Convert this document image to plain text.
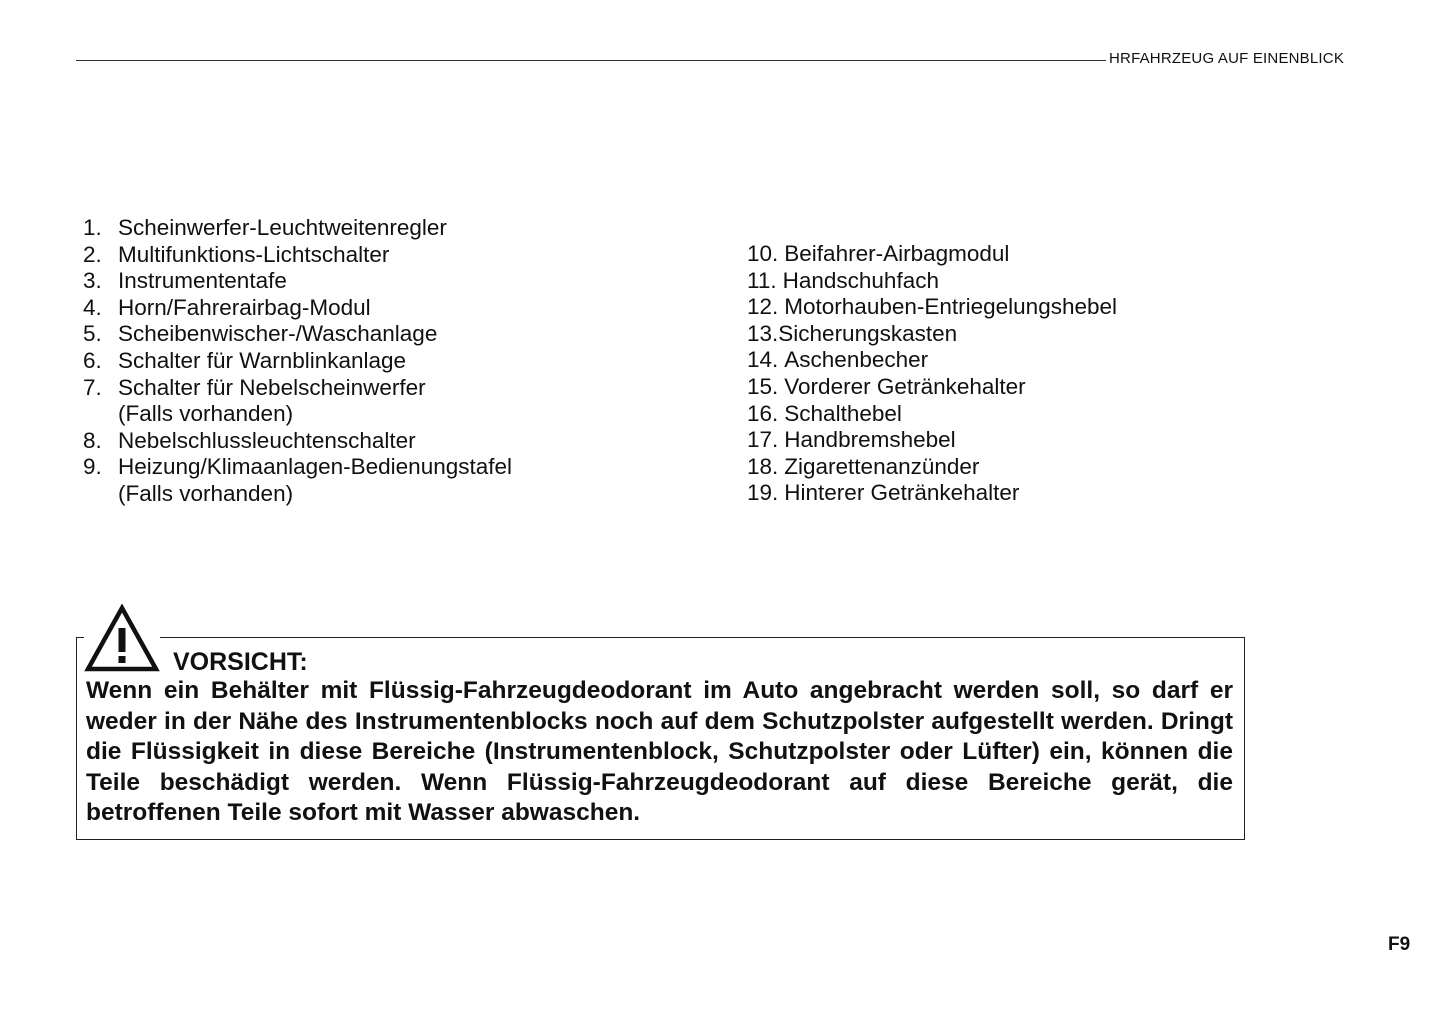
HRFAHRZEUG AUF EINENBLICK
1. Scheinwerfer-Leuchtweitenregler
2. Multifunktions-Lichtschalter
3. Instrumententafe
4. Horn/Fahrerairbag-Modul
5. Scheibenwischer-/Waschanlage
6. Schalter für Warnblinkanlage
7. Schalter für Nebelscheinwerfer
(Falls vorhanden)
8. Nebelschlussleuchtenschalter
9. Heizung/Klimaanlagen-Bedienungstafel
(Falls vorhanden)
10. Beifahrer-Airbagmodul
11. Handschuhfach
12. Motorhauben-Entriegelungshebel
13. Sicherungskasten
14. Aschenbecher
15. Vorderer Getränkehalter
16. Schalthebel
17. Handbremshebel
18. Zigarettenanzünder
19. Hinterer Getränkehalter
VORSICHT:

Wenn ein Behälter mit Flüssig-Fahrzeugdeodorant im Auto angebracht werden soll, so darf er weder in der Nähe des Instrumentenblocks noch auf dem Schutzpolster aufgestellt werden. Dringt die Flüssigkeit in diese Bereiche (Instrumentenblock, Schutzpolster oder Lüfter) ein, können die Teile beschädigt werden. Wenn Flüssig-Fahrzeugdeodorant auf diese Bereiche gerät, die betroffenen Teile sofort mit Wasser abwaschen.

F9
